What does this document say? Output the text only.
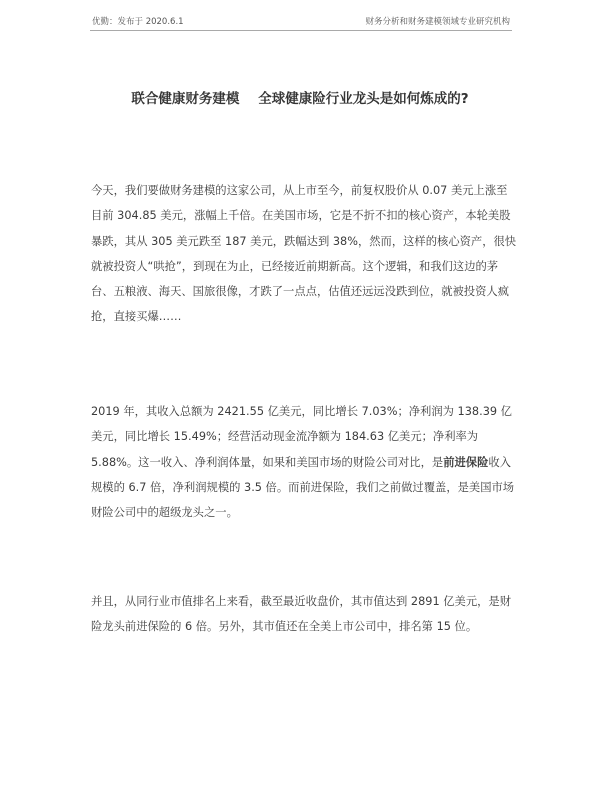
优勤：发布于 2020.6.1	财务分析和财务建模领域专业研究机构
联合健康财务建模    全球健康险行业龙头是如何炼成的?
今天，我们要做财务建模的这家公司，从上市至今，前复权股价从 0.07 美元上涨至目前 304.85 美元，涨幅上千倍。在美国市场，它是不折不扣的核心资产，本轮美股暴跌，其从 305 美元跌至 187 美元，跌幅达到 38%，然而，这样的核心资产，很快就被投资人“哄抢”，到现在为止，已经接近前期新高。这个逻辑，和我们这边的茅台、五粮液、海天、国旅很像，才跌了一点点，估值还远远没跌到位，就被投资人疯抢，直接买爆……
2019 年，其收入总额为 2421.55 亿美元，同比增长 7.03%；净利润为 138.39 亿美元，同比增长 15.49%；经营活动现金流净额为 184.63 亿美元；净利率为 5.88%。这一收入、净利润体量，如果和美国市场的财险公司对比，是前进保险收入规模的 6.7 倍，净利润规模的 3.5 倍。而前进保险，我们之前做过覆盖，是美国市场财险公司中的超级龙头之一。
并且，从同行业市值排名上来看，截至最近收盘价，其市值达到 2891 亿美元，是财险龙头前进保险的 6 倍。另外，其市值还在全美上市公司中，排名第 15 位。
